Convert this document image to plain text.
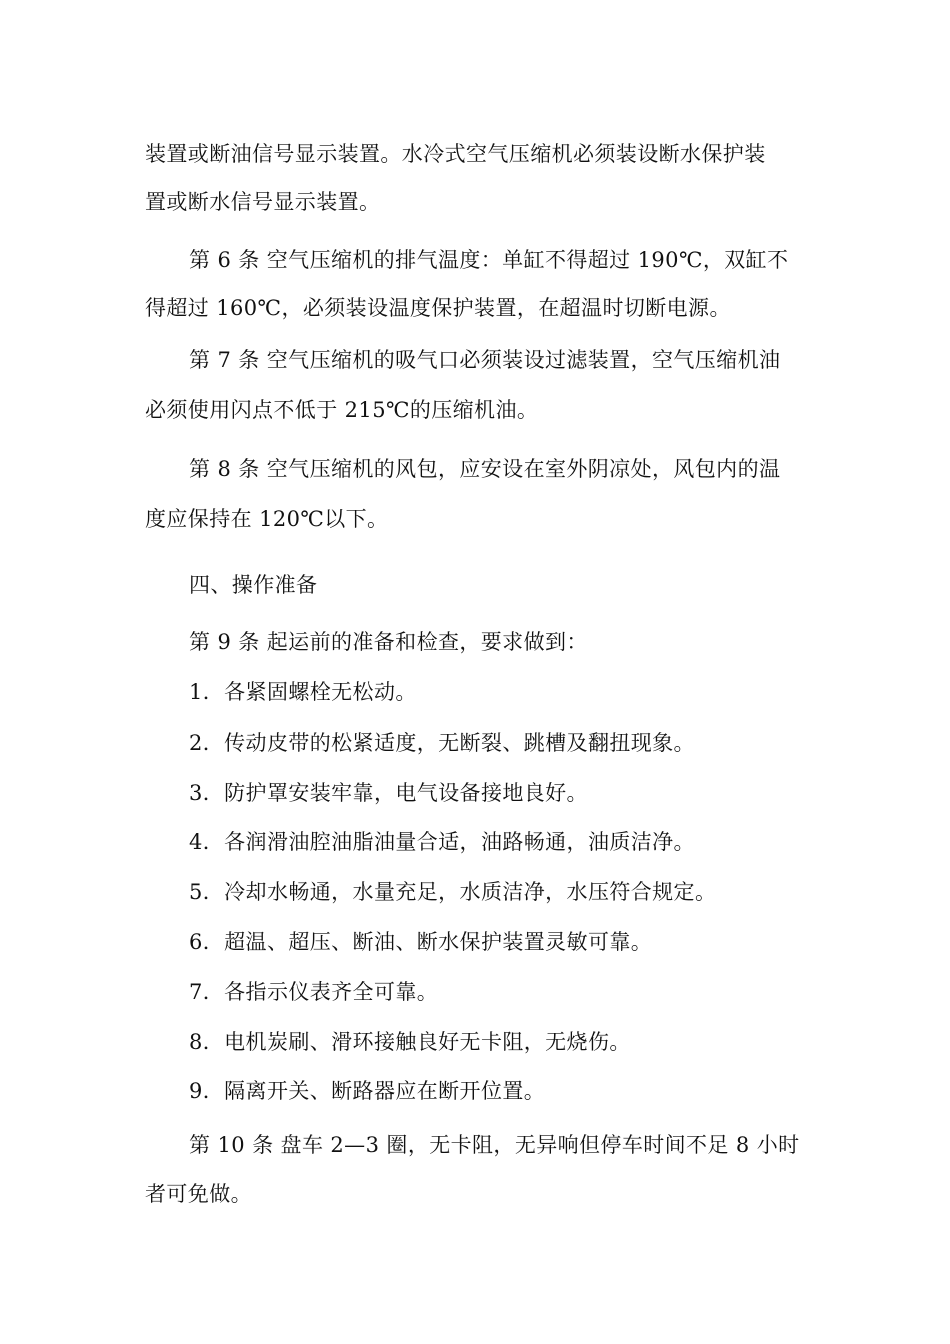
装置或断油信号显示装置。水冷式空气压缩机必须装设断水保护装
置或断水信号显示装置。
第 6 条 空气压缩机的排气温度：单缸不得超过 190℃，双缸不
得超过 160℃，必须装设温度保护装置，在超温时切断电源。
第 7 条 空气压缩机的吸气口必须装设过滤装置，空气压缩机油
必须使用闪点不低于 215℃的压缩机油。
第 8 条 空气压缩机的风包，应安设在室外阴凉处，风包内的温
度应保持在 120℃以下。
四、操作准备
第 9 条 起运前的准备和检查，要求做到：
1．各紧固螺栓无松动。
2．传动皮带的松紧适度，无断裂、跳槽及翻扭现象。
3．防护罩安装牢靠，电气设备接地良好。
4．各润滑油腔油脂油量合适，油路畅通，油质洁净。
5．冷却水畅通，水量充足，水质洁净，水压符合规定。
6．超温、超压、断油、断水保护装置灵敏可靠。
7．各指示仪表齐全可靠。
8．电机炭刷、滑环接触良好无卡阻，无烧伤。
9．隔离开关、断路器应在断开位置。
第 10 条 盘车 2—3 圈，无卡阻，无异响但停车时间不足 8 小时
者可免做。
